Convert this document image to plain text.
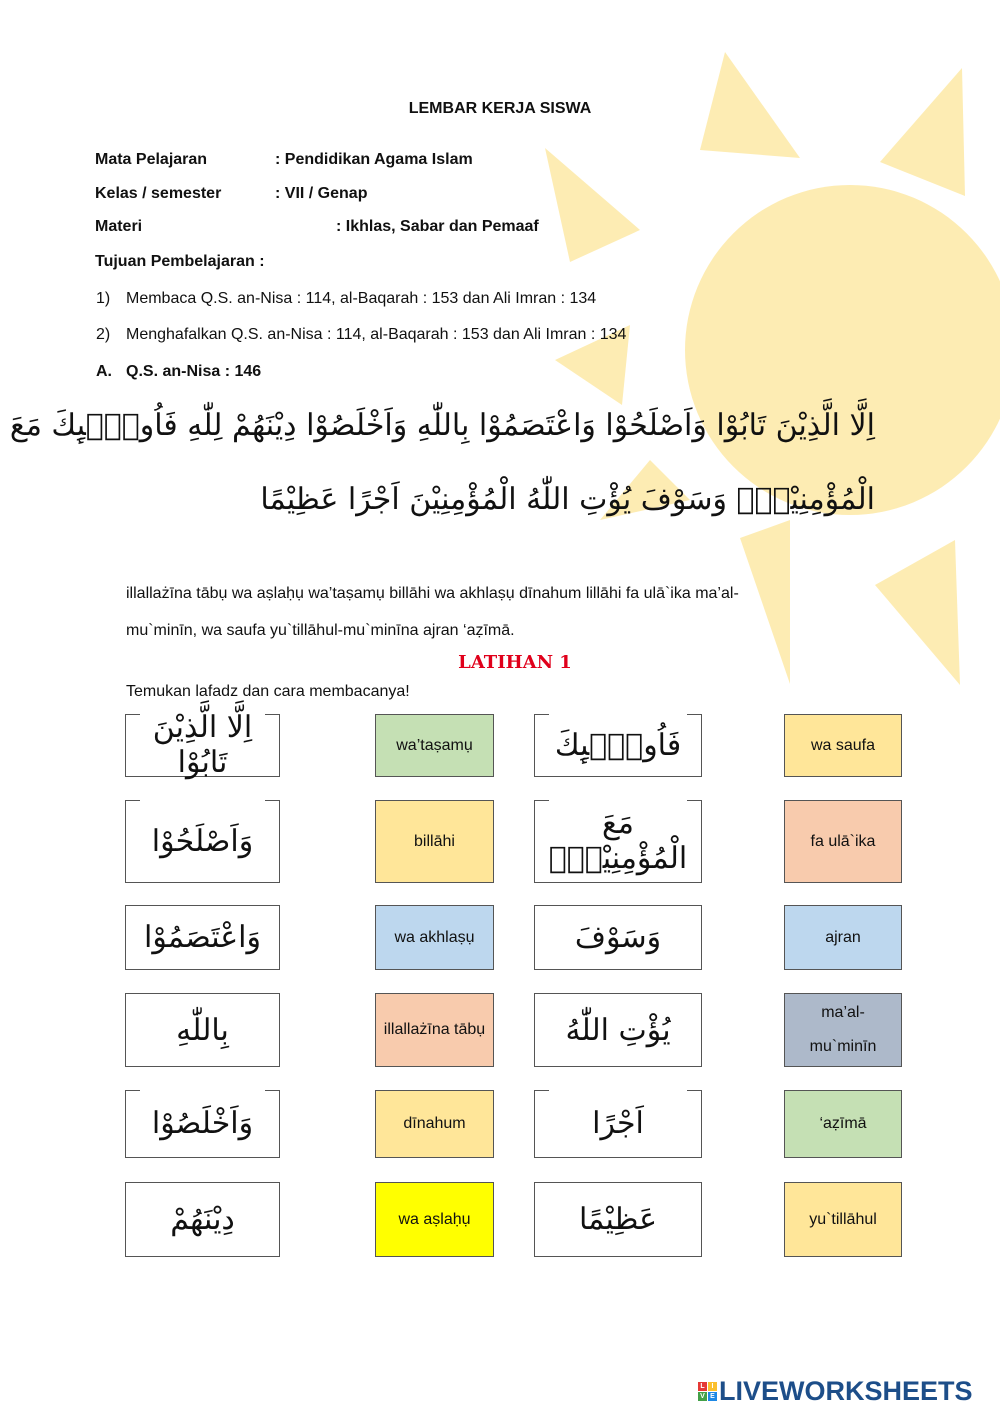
LEMBAR KERJA SISWA
Mata Pelajaran	: Pendidikan Agama Islam
Kelas / semester	: VII / Genap
Materi	: Ikhlas, Sabar dan Pemaaf
Tujuan Pembelajaran :
1) Membaca Q.S. an-Nisa : 114, al-Baqarah : 153 dan Ali Imran : 134
2) Menghafalkan Q.S. an-Nisa : 114, al-Baqarah : 153 dan Ali Imran : 134
A. Q.S. an-Nisa : 146
اِلَّا الَّذِيْنَ تَابُوْا وَاَصْلَحُوْا وَاعْتَصَمُوْا بِاللّٰهِ وَاَخْلَصُوْا دِيْنَهُمْ لِلّٰهِ فَاُولٰۤىِٕكَ مَعَ
الْمُؤْمِنِيْنَۗ وَسَوْفَ يُؤْتِ اللّٰهُ الْمُؤْمِنِيْنَ اَجْرًا عَظِيْمًا
illallażīna tābụ wa aṣlaḥụ wa’taṣamụ billāhi wa akhlaṣụ dīnahum lillāhi fa ulā`ika ma’al-
mu`minīn, wa saufa yu`tillāhul-mu`minīna ajran ‘aẓīmā.
LATIHAN 1
Temukan lafadz dan cara membacanya!
اِلَّا الَّذِيْنَ تَابُوْا
وَاَصْلَحُوْا
وَاعْتَصَمُوْا
بِاللّٰهِ
وَاَخْلَصُوْا
دِيْنَهُمْ
wa’taṣamụ
billāhi
wa akhlaṣụ
illallażīna tābụ
dīnahum
wa aṣlaḥụ
فَاُولٰۤىِٕكَ
مَعَ الْمُؤْمِنِيْنَۗ
وَسَوْفَ
يُؤْتِ اللّٰهُ
اَجْرًا
عَظِيْمًا
wa saufa
fa ulā`ika
ajran
ma’al-mu`minīn
‘aẓīmā
yu`tillāhul
L I
V E LIVEWORKSHEETS
